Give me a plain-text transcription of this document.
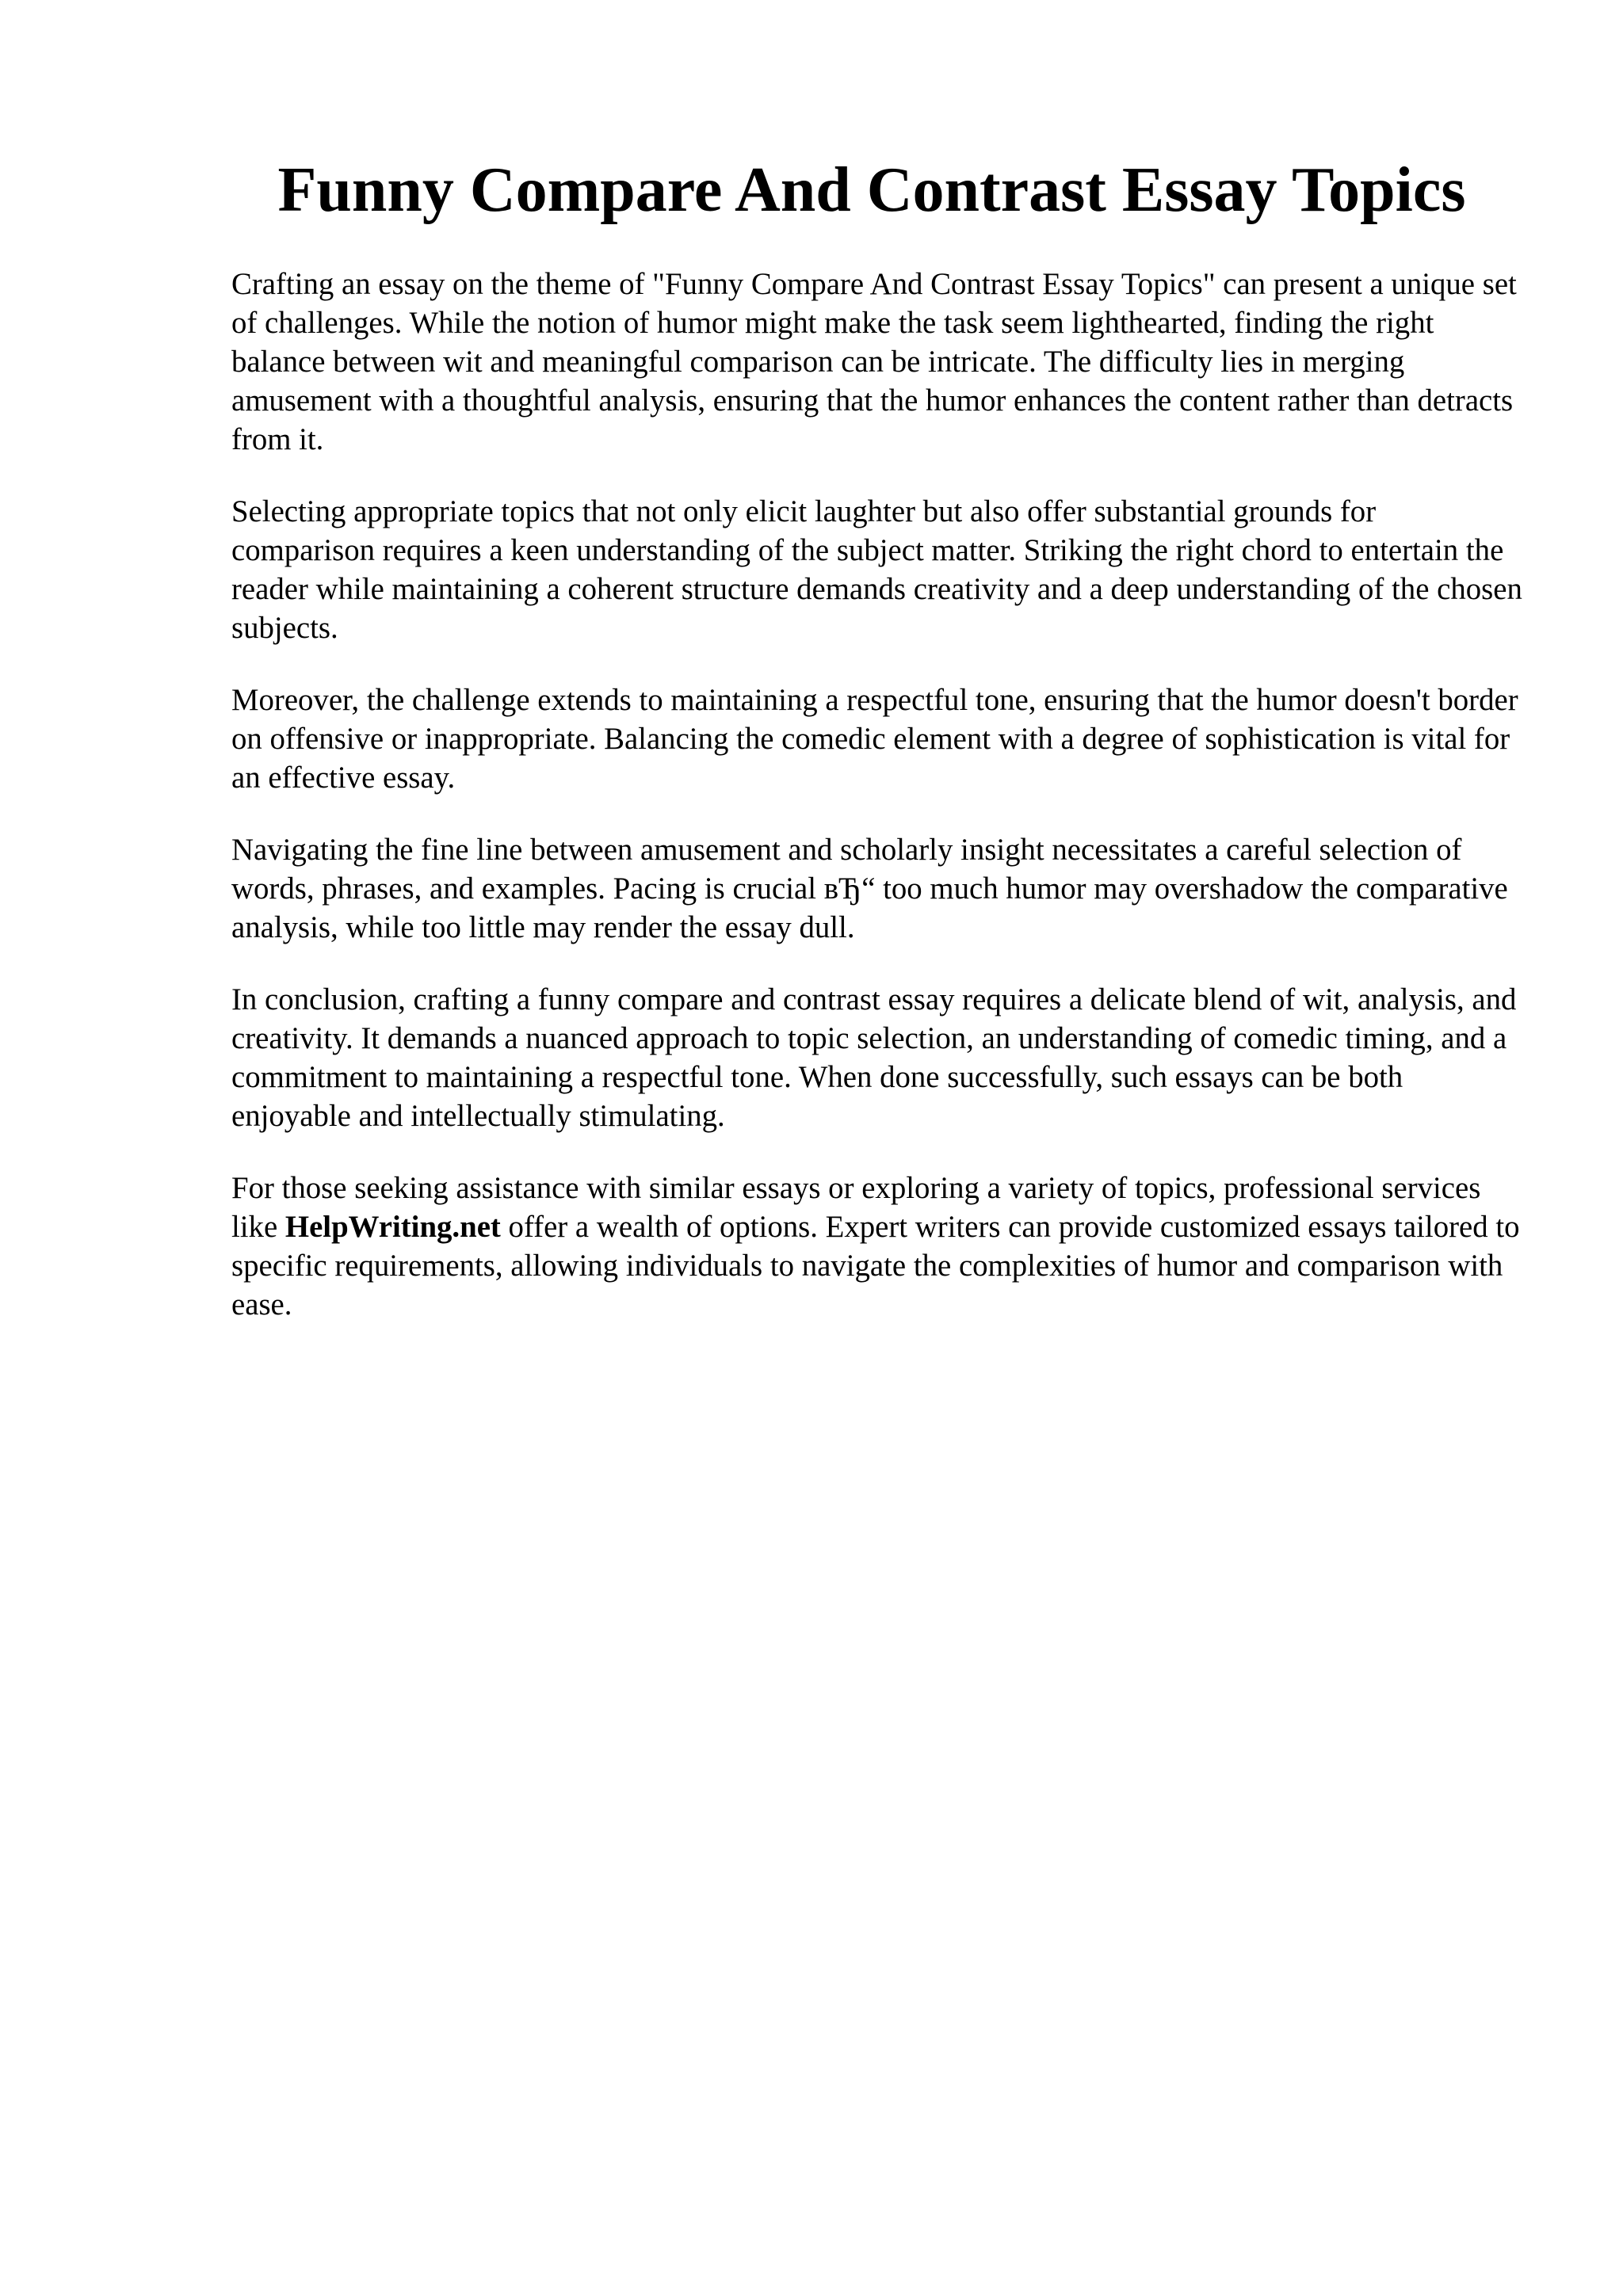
Funny Compare And Contrast Essay Topics

Crafting an essay on the theme of "Funny Compare And Contrast Essay Topics" can present a unique set of challenges. While the notion of humor might make the task seem lighthearted, finding the right balance between wit and meaningful comparison can be intricate. The difficulty lies in merging amusement with a thoughtful analysis, ensuring that the humor enhances the content rather than detracts from it.

Selecting appropriate topics that not only elicit laughter but also offer substantial grounds for comparison requires a keen understanding of the subject matter. Striking the right chord to entertain the reader while maintaining a coherent structure demands creativity and a deep understanding of the chosen subjects.

Moreover, the challenge extends to maintaining a respectful tone, ensuring that the humor doesn't border on offensive or inappropriate. Balancing the comedic element with a degree of sophistication is vital for an effective essay.

Navigating the fine line between amusement and scholarly insight necessitates a careful selection of words, phrases, and examples. Pacing is crucial вЂ“ too much humor may overshadow the comparative analysis, while too little may render the essay dull.

In conclusion, crafting a funny compare and contrast essay requires a delicate blend of wit, analysis, and creativity. It demands a nuanced approach to topic selection, an understanding of comedic timing, and a commitment to maintaining a respectful tone. When done successfully, such essays can be both enjoyable and intellectually stimulating.

For those seeking assistance with similar essays or exploring a variety of topics, professional services like HelpWriting.net offer a wealth of options. Expert writers can provide customized essays tailored to specific requirements, allowing individuals to navigate the complexities of humor and comparison with ease.
